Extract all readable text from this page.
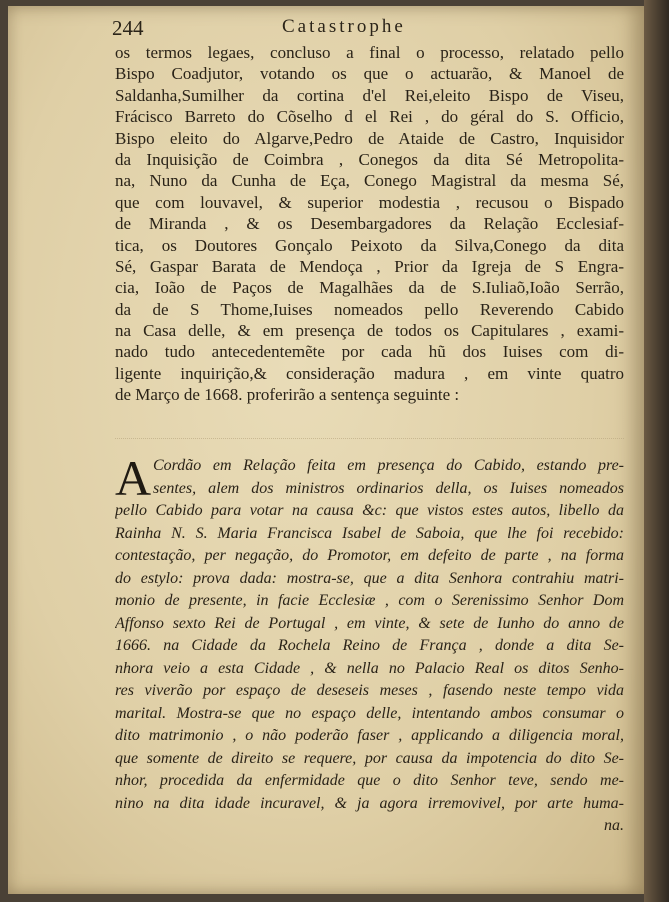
244	Catastrophe
os termos legaes, concluso a final o processo, relatado pello
Bispo Coadjutor, votando os que o actuarão, & Manoel de
Saldanha,Sumilher da cortina d'el Rei,eleito Bispo de Viseu,
Frácisco Barreto do Cõselho d el Rei , do géral do S. Officio,
Bispo eleito do Algarve,Pedro de Ataide de Castro, Inquisidor
da Inquisição de Coimbra , Conegos da dita Sé Metropolita-
na, Nuno da Cunha de Eça, Conego Magistral da mesma Sé,
que com louvavel, & superior modestia , recusou o Bispado
de Miranda , & os Desembargadores da Relação Ecclesiaf-
tica, os Doutores Gonçalo Peixoto da Silva,Conego da dita
Sé, Gaspar Barata de Mendoça , Prior da Igreja de S Engra-
cia, Ioão de Paços de Magalhães da de S.Iuliaõ,Ioão Serrão,
da de S Thome,Iuises nomeados pello Reverendo Cabido
na Casa delle, & em presença de todos os Capitulares , exami-
nado tudo antecedentemẽte por cada hũ dos Iuises com di-
ligente inquirição,& consideração madura , em vinte quatro
de Março de 1668. proferirão a sentença seguinte :
A Cordão em Relação feita em presença do Cabido, estando pre-
sentes, alem dos ministros ordinarios della, os Iuises nomeados
pello Cabido para votar na causa &c: que vistos estes autos, libello da
Rainha N. S. Maria Francisca Isabel de Saboia, que lhe foi recebido:
contestação, per negação, do Promotor, em defeito de parte , na forma
do estylo: prova dada: mostra-se, que a dita Senhora contrahiu matri-
monio de presente, in facie Ecclesiæ , com o Serenissimo Senhor Dom
Affonso sexto Rei de Portugal , em vinte, & sete de Iunho do anno de
1666. na Cidade da Rochela Reino de França , donde a dita Se-
nhora veio a esta Cidade , & nella no Palacio Real os ditos Senho-
res viverão por espaço de deseseis meses , fasendo neste tempo vida
marital. Mostra-se que no espaço delle, intentando ambos consumar o
dito matrimonio , o não poderão faser , applicando a diligencia moral,
que somente de direito se requere, por causa da impotencia do dito Se-
nhor, procedida da enfermidade que o dito Senhor teve, sendo me-
nino na dita idade incuravel, & ja agora irremovivel, por arte huma-
na.
